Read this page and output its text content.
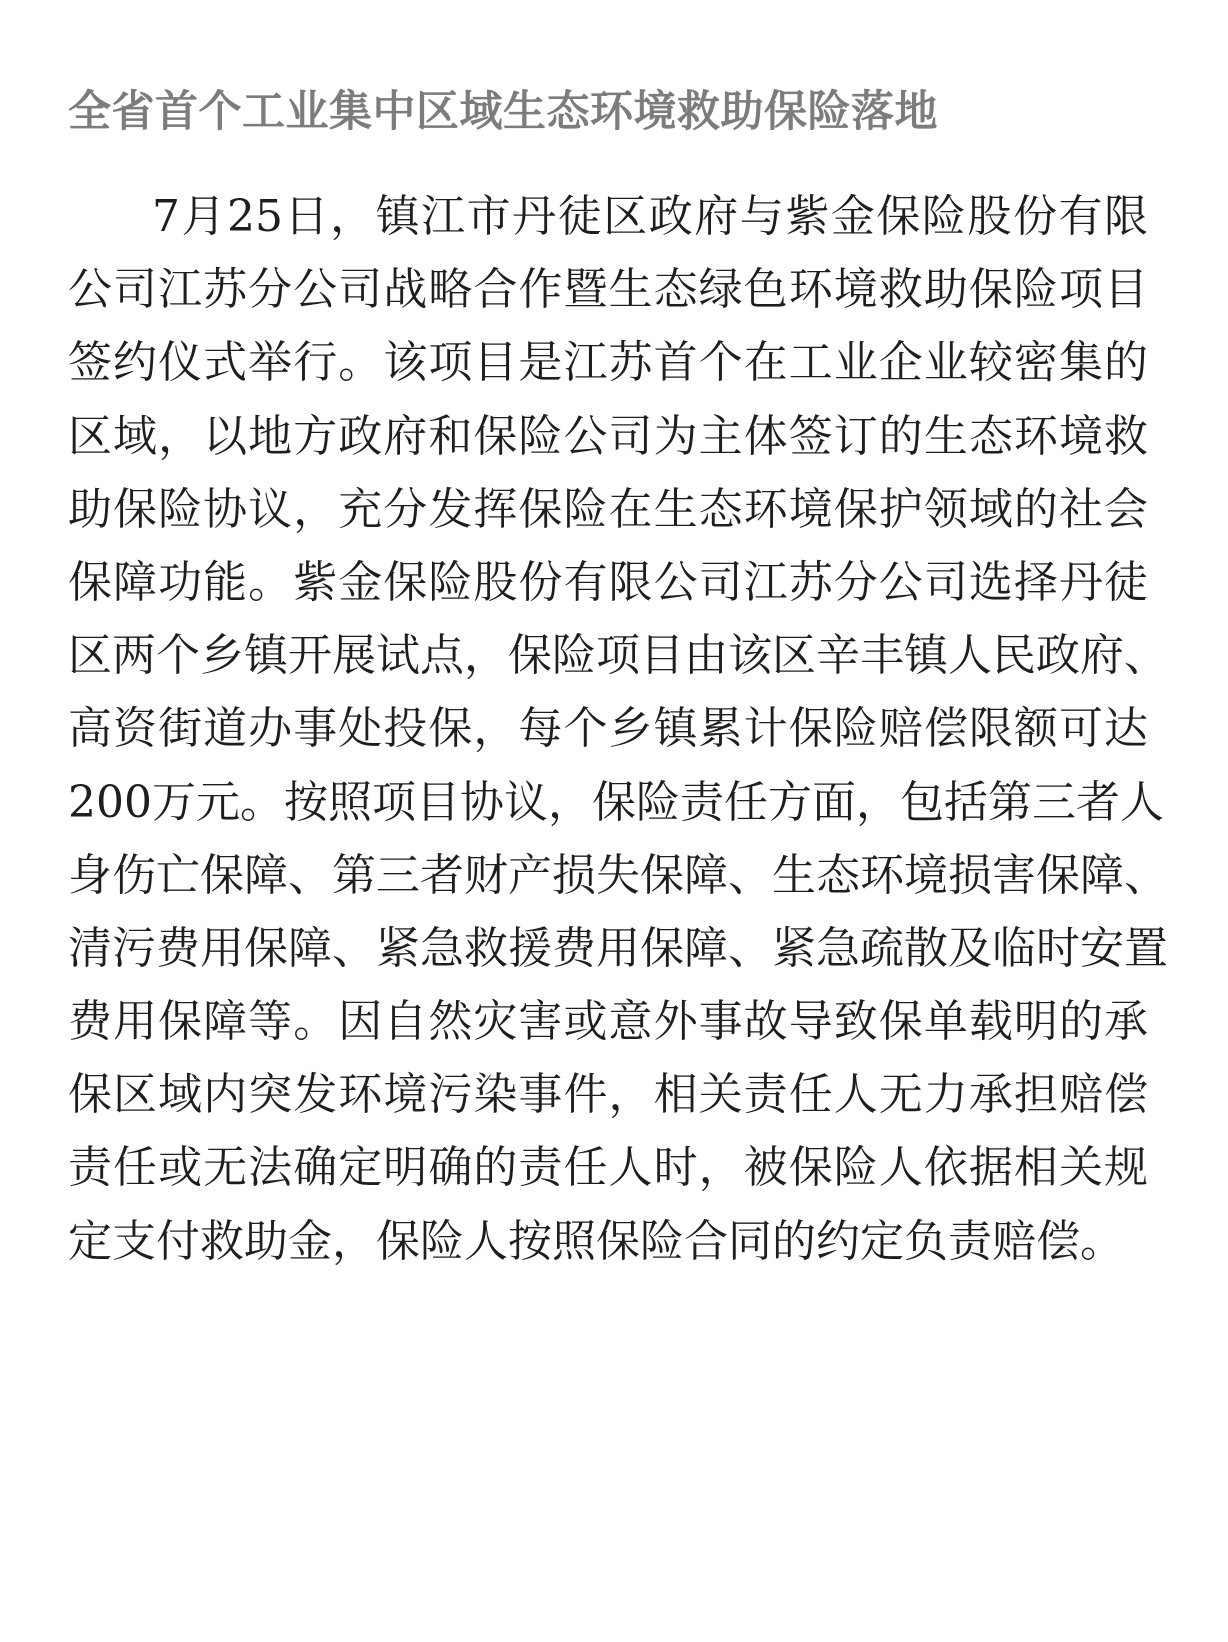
全省首个工业集中区域生态环境救助保险落地
7月25日，镇江市丹徒区政府与紫金保险股份有限
公司江苏分公司战略合作暨生态绿色环境救助保险项目
签约仪式举行。该项目是江苏首个在工业企业较密集的
区域，以地方政府和保险公司为主体签订的生态环境救
助保险协议，充分发挥保险在生态环境保护领域的社会
保障功能。紫金保险股份有限公司江苏分公司选择丹徒
区两个乡镇开展试点，保险项目由该区辛丰镇人民政府、
高资街道办事处投保，每个乡镇累计保险赔偿限额可达
200万元。按照项目协议，保险责任方面，包括第三者人
身伤亡保障、第三者财产损失保障、生态环境损害保障、
清污费用保障、紧急救援费用保障、紧急疏散及临时安置
费用保障等。因自然灾害或意外事故导致保单载明的承
保区域内突发环境污染事件，相关责任人无力承担赔偿
责任或无法确定明确的责任人时，被保险人依据相关规
定支付救助金，保险人按照保险合同的约定负责赔偿。
